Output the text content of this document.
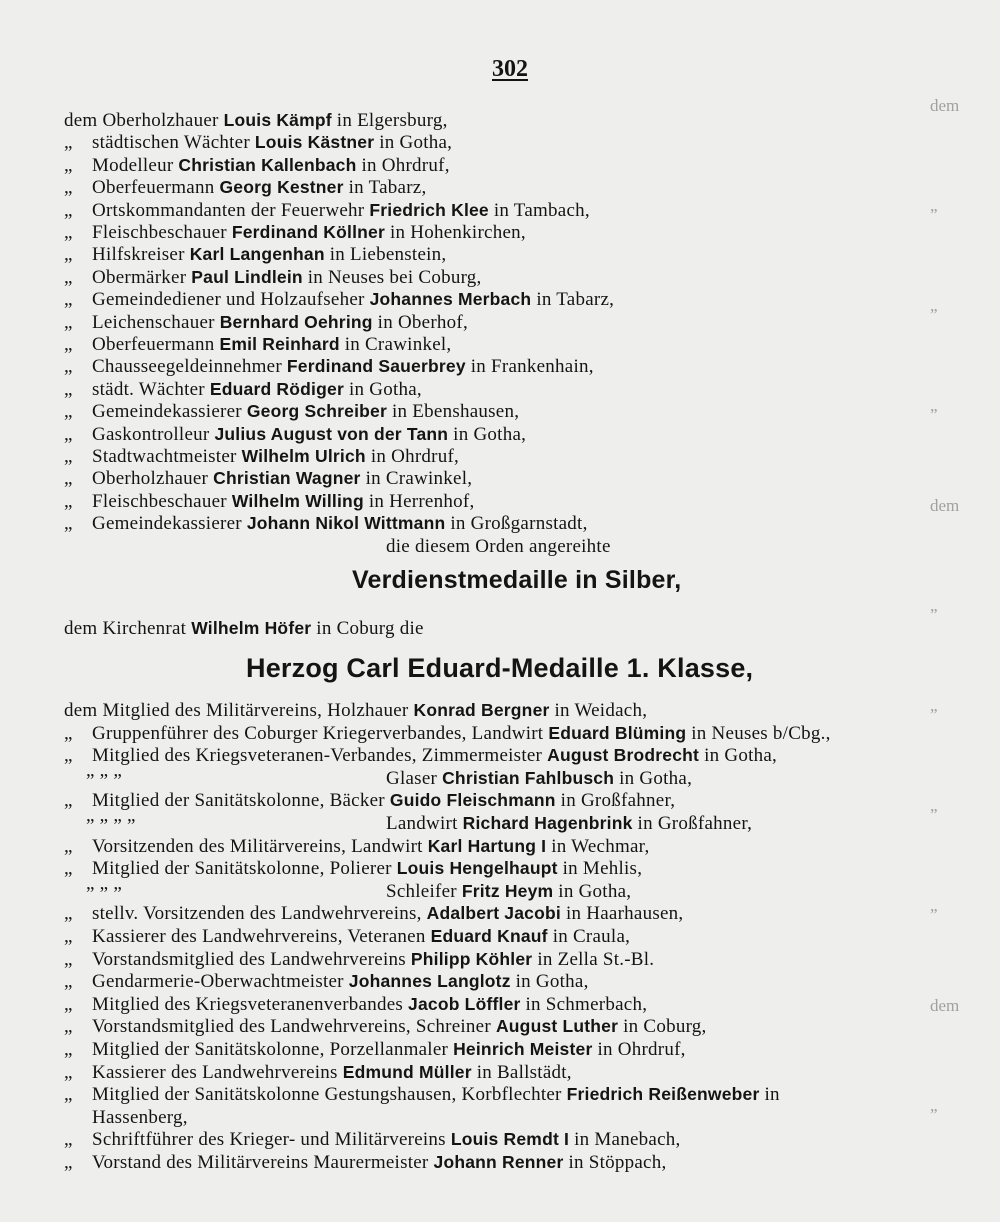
302
dem
„
„
„
dem
„
„
„
„
dem
„
dem Oberholzhauer Louis Kämpf in Elgersburg,
„ städtischen Wächter Louis Kästner in Gotha,
„ Modelleur Christian Kallenbach in Ohrdruf,
„ Oberfeuermann Georg Kestner in Tabarz,
„ Ortskommandanten der Feuerwehr Friedrich Klee in Tambach,
„ Fleischbeschauer Ferdinand Köllner in Hohenkirchen,
„ Hilfskreiser Karl Langenhan in Liebenstein,
„ Obermärker Paul Lindlein in Neuses bei Coburg,
„ Gemeindediener und Holzaufseher Johannes Merbach in Tabarz,
„ Leichenschauer Bernhard Oehring in Oberhof,
„ Oberfeuermann Emil Reinhard in Crawinkel,
„ Chausseegeldeinnehmer Ferdinand Sauerbrey in Frankenhain,
„ städt. Wächter Eduard Rödiger in Gotha,
„ Gemeindekassierer Georg Schreiber in Ebenshausen,
„ Gaskontrolleur Julius August von der Tann in Gotha,
„ Stadtwachtmeister Wilhelm Ulrich in Ohrdruf,
„ Oberholzhauer Christian Wagner in Crawinkel,
„ Fleischbeschauer Wilhelm Willing in Herrenhof,
„ Gemeindekassierer Johann Nikol Wittmann in Großgarnstadt,
die diesem Orden angereihte
Verdienstmedaille in Silber,
dem Kirchenrat Wilhelm Höfer in Coburg die
Herzog Carl Eduard-Medaille 1. Klasse,
dem Mitglied des Militärvereins, Holzhauer Konrad Bergner in Weidach,
„ Gruppenführer des Coburger Kriegerverbandes, Landwirt Eduard Blüming in Neuses b/Cbg.,
„ Mitglied des Kriegsveteranen-Verbandes, Zimmermeister August Brodrecht in Gotha,
„ „ „	Glaser Christian Fahlbusch in Gotha,
„ Mitglied der Sanitätskolonne, Bäcker Guido Fleischmann in Großfahner,
„ „ „ „	Landwirt Richard Hagenbrink in Großfahner,
„ Vorsitzenden des Militärvereins, Landwirt Karl Hartung I in Wechmar,
„ Mitglied der Sanitätskolonne, Polierer Louis Hengelhaupt in Mehlis,
„ „ „	Schleifer Fritz Heym in Gotha,
„ stellv. Vorsitzenden des Landwehrvereins, Adalbert Jacobi in Haarhausen,
„ Kassierer des Landwehrvereins, Veteranen Eduard Knauf in Craula,
„ Vorstandsmitglied des Landwehrvereins Philipp Köhler in Zella St.-Bl.
„ Gendarmerie-Oberwachtmeister Johannes Langlotz in Gotha,
„ Mitglied des Kriegsveteranenverbandes Jacob Löffler in Schmerbach,
„ Vorstandsmitglied des Landwehrvereins, Schreiner August Luther in Coburg,
„ Mitglied der Sanitätskolonne, Porzellanmaler Heinrich Meister in Ohrdruf,
„ Kassierer des Landwehrvereins Edmund Müller in Ballstädt,
„ Mitglied der Sanitätskolonne Gestungshausen, Korbflechter Friedrich Reißenweber in
Hassenberg,
„ Schriftführer des Krieger- und Militärvereins Louis Remdt I in Manebach,
„ Vorstand des Militärvereins Maurermeister Johann Renner in Stöppach,
